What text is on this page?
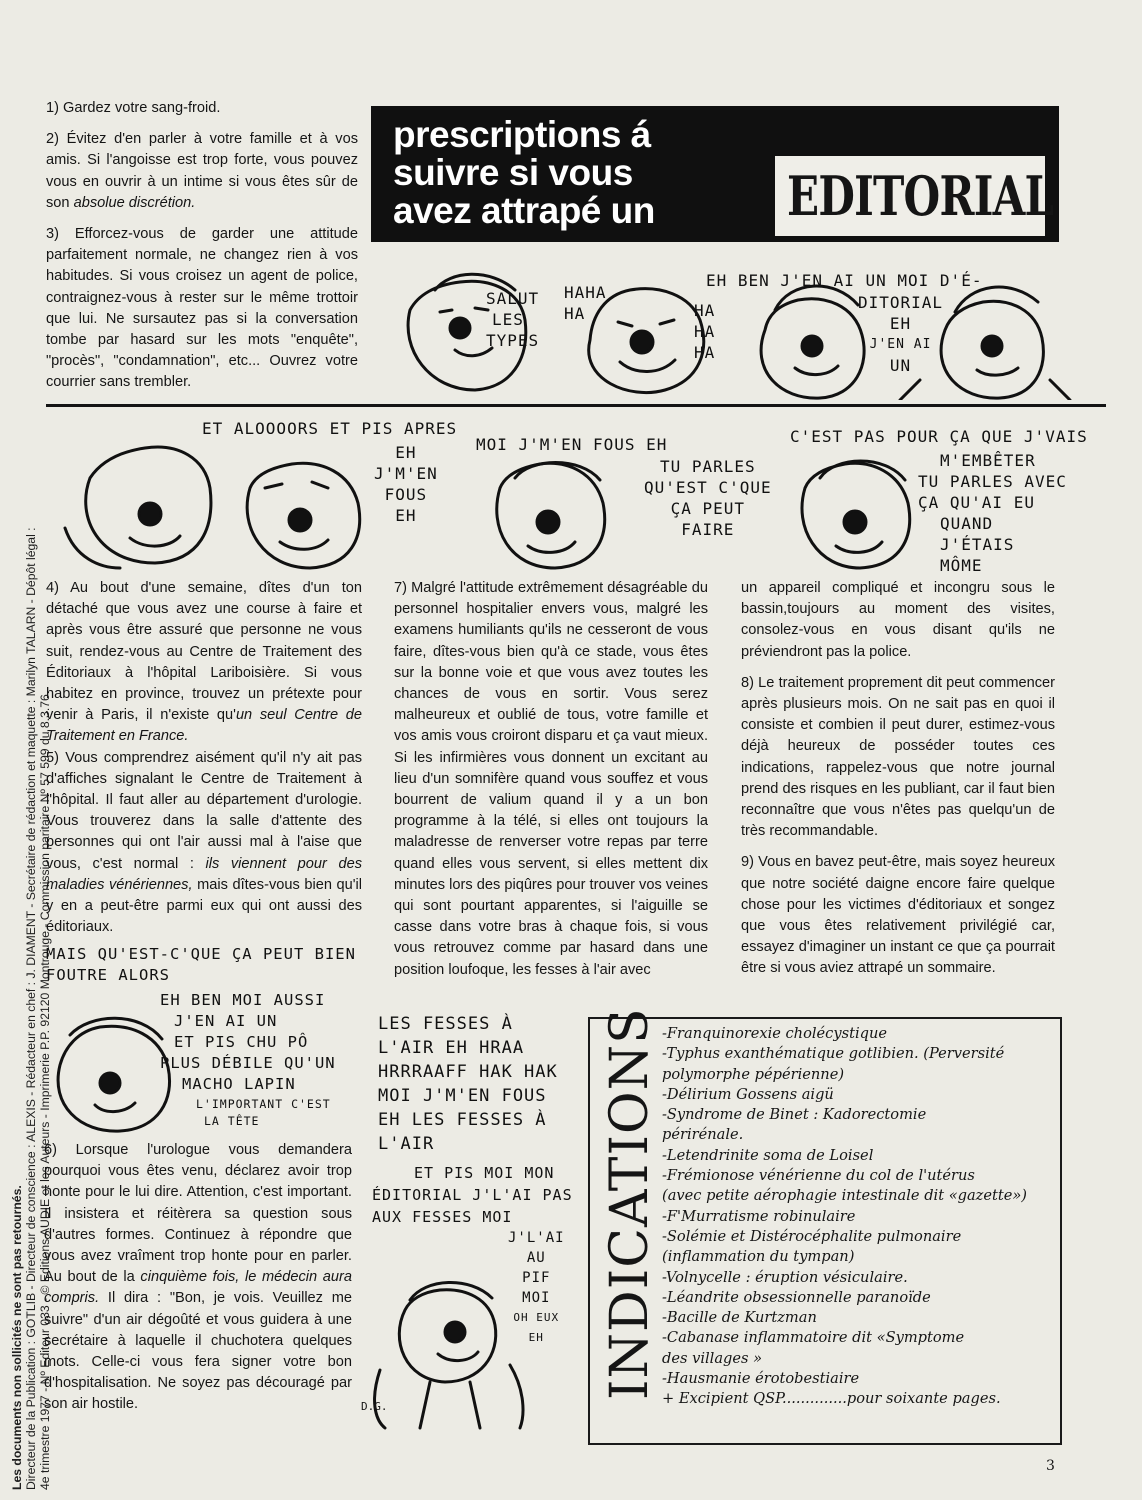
Les documents non sollicités ne sont pas retournés. Directeur de la Publication : GOTLIB - Directeur de conscience : ALEXIS - Rédacteur en chef : J. DIAMENT - Secrétaire de rédaction et maquette : Marilyn TALARN - Dépôt légal : 4e trimestre 1977 - Nº Editeur 033 - © Editions AUDIE et les Auteurs - Imprimerie P.P. 92120 Montrouge - Commission paritaire Nº 57 599 du 8.3.76.

1) Gardez votre sang-froid.

2) Évitez d'en parler à votre famille et à vos amis. Si l'angoisse est trop forte, vous pouvez vous en ouvrir à un intime si vous êtes sûr de son absolue discrétion.

3) Efforcez-vous de garder une attitude parfaitement normale, ne changez rien à vos habitudes. Si vous croisez un agent de police, contraignez-vous à rester sur le même trottoir que lui. Ne sursautez pas si la conversation tombe par hasard sur les mots "enquête", "procès", "condamnation", etc... Ouvrez votre courrier sans trembler.

prescriptions á
suivre si vous
avez attrapé un EDITORIAL
SALUT
LES
TYPES
HAHA
HA	HA
HA
HA
EH BEN J'EN AI UN MOI D'É-
DITORIAL
EH
J'EN AI
UN
ET ALOOOORS ET PIS APRES
EH
J'M'EN
FOUS
EH
MOI J'M'EN FOUS EH
TU PARLES
QU'EST C'QUE
ÇA PEUT
FAIRE
C'EST PAS POUR ÇA QUE J'VAIS
M'EMBÊTER
TU PARLES AVEC
ÇA QU'AI EU
QUAND
J'ÉTAIS
MÔME

4) Au bout d'une semaine, dîtes d'un ton détaché que vous avez une course à faire et après vous être assuré que personne ne vous suit, rendez-vous au Centre de Traitement des Éditoriaux à l'hôpital Lariboisière. Si vous habitez en province, trouvez un prétexte pour venir à Paris, il n'existe qu'un seul Centre de Traitement en France.

5) Vous comprendrez aisément qu'il n'y ait pas d'affiches signalant le Centre de Traitement à l'hôpital. Il faut aller au département d'urologie. Vous trouverez dans la salle d'attente des personnes qui ont l'air aussi mal à l'aise que vous, c'est normal : ils viennent pour des maladies vénériennes, mais dîtes-vous bien qu'il y en a peut-être parmi eux qui ont aussi des éditoriaux.

MAIS QU'EST-C'QUE ÇA PEUT BIEN
FOUTRE ALORS
EH BEN MOI AUSSI
J'EN AI UN
ET PIS CHU PÔ
PLUS DÉBILE QU'UN
MACHO LAPIN
L'IMPORTANT C'EST
LA TÊTE

6) Lorsque l'urologue vous demandera pourquoi vous êtes venu, déclarez avoir trop honte pour le lui dire. Attention, c'est important. Il insistera et réitèrera sa question sous d'autres formes. Continuez à répondre que vous avez vraîment trop honte pour en parler. Au bout de la cinquième fois, le médecin aura compris. Il dira : "Bon, je vois. Veuillez me suivre" d'un air dégoûté et vous guidera à une secrétaire à laquelle il chuchotera quelques mots. Celle-ci vous fera signer votre bon d'hospitalisation. Ne soyez pas découragé par son air hostile.

7) Malgré l'attitude extrêmement désagréable du personnel hospitalier envers vous, malgré les examens humiliants qu'ils ne cesseront de vous faire, dîtes-vous bien qu'à ce stade, vous êtes sur la bonne voie et que vous avez toutes les chances de vous en sortir. Vous serez malheureux et oublié de tous, votre famille et vos amis vous croiront disparu et ça vaut mieux. Si les infirmières vous donnent un excitant au lieu d'un somnifère quand vous souffez et vous bourrent de valium quand il y a un bon programme à la télé, si elles ont toujours la maladresse de renverser votre repas par terre quand elles vous servent, si elles mettent dix minutes lors des piqûres pour trouver vos veines qui sont pourtant apparentes, si l'aiguille se casse dans votre bras à chaque fois, si vous vous retrouvez comme par hasard dans une position loufoque, les fesses à l'air avec

LES FESSES À
L'AIR EH HRAA
HRRRAAFF HAK HAK
MOI J'M'EN FOUS
EH LES FESSES À
L'AIR
ET PIS MOI MON
ÉDITORIAL J'L'AI PAS
AUX FESSES MOI
J'L'AI
AU
PIF
MOI
OH EUX
EH
D.G.

un appareil compliqué et incongru sous le bassin,toujours au moment des visites, consolez-vous en vous disant qu'ils ne préviendront pas la police.

8) Le traitement proprement dit peut commencer après plusieurs mois. On ne sait pas en quoi il consiste et combien il peut durer, estimez-vous déjà heureux de posséder toutes ces indications, rappelez-vous que notre journal prend des risques en les publiant, car il faut bien reconnaître que vous n'êtes pas quelqu'un de très recommandable.

9) Vous en bavez peut-être, mais soyez heureux que notre société daigne encore faire quelque chose pour les victimes d'éditoriaux et songez que vous êtes relativement privilégié car, essayez d'imaginer un instant ce que ça pourrait être si vous aviez attrapé un sommaire.

INDICATIONS -Franquinorexie cholécystique
-Typhus exanthématique gotlibien. (Perversité
polymorphe pépérienne)
-Délirium Gossens aigü
-Syndrome de Binet : Kadorectomie
périrénale.
-Letendrinite soma de Loisel
-Frémionose vénérienne du col de l'utérus
(avec petite aérophagie intestinale dit «gazette»)
-F'Murratisme robinulaire
-Solémie et Distérocéphalite pulmonaire
(inflammation du tympan)
-Volnycelle : éruption vésiculaire.
-Léandrite obsessionnelle paranoïde
-Bacille de Kurtzman
-Cabanase inflammatoire dit «Symptome
des villages »
-Hausmanie érotobestiaire
+ Excipient QSP..............pour soixante pages.
3
